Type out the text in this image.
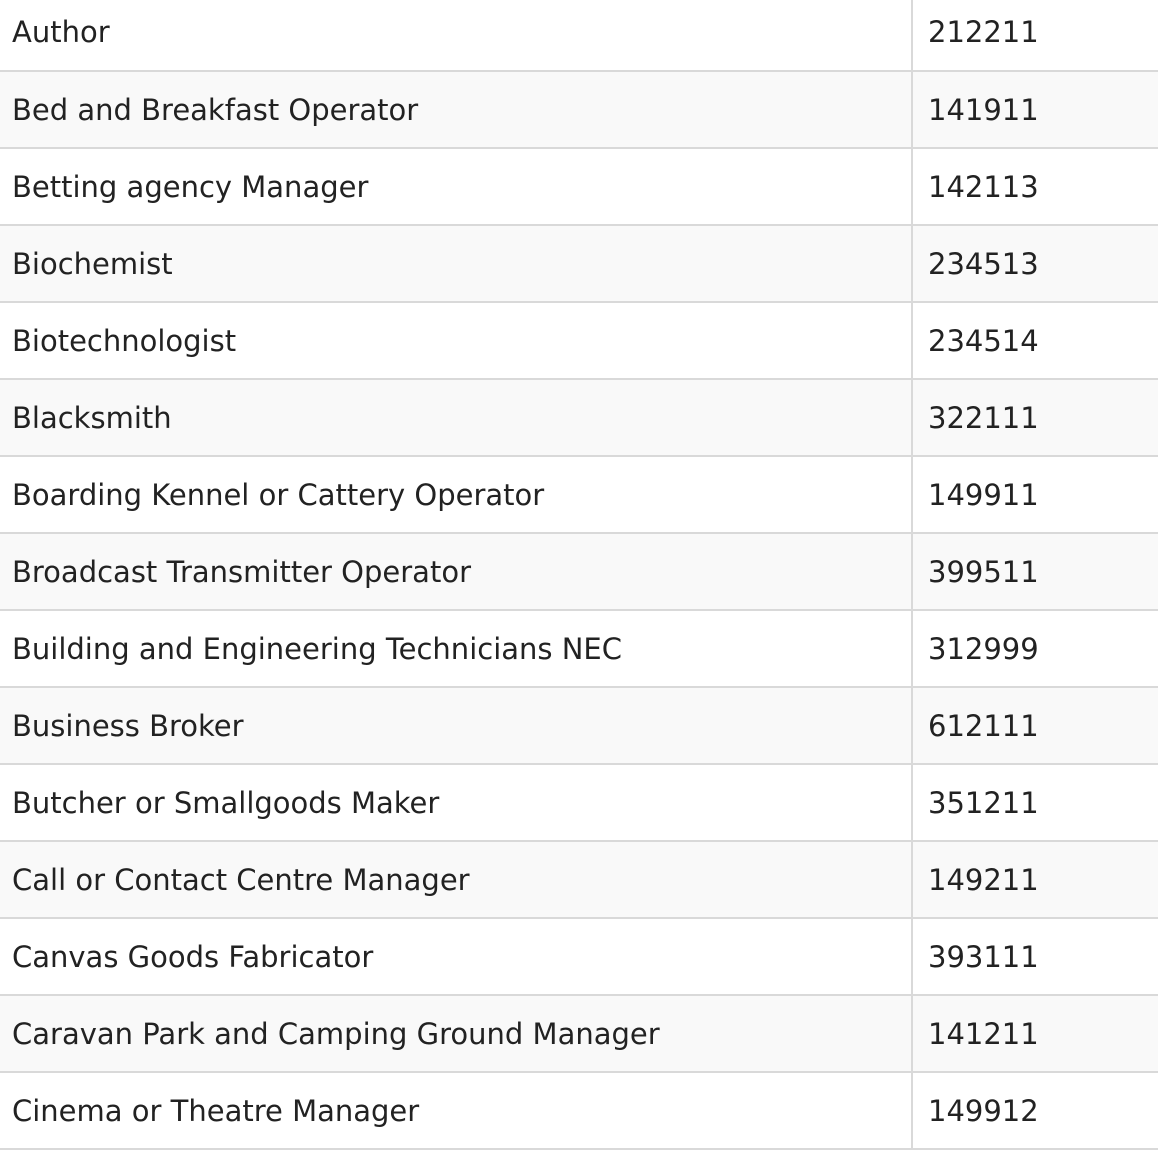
Author	212211
Bed and Breakfast Operator	141911
Betting agency Manager	142113
Biochemist	234513
Biotechnologist	234514
Blacksmith	322111
Boarding Kennel or Cattery Operator	149911
Broadcast Transmitter Operator	399511
Building and Engineering Technicians NEC	312999
Business Broker	612111
Butcher or Smallgoods Maker	351211
Call or Contact Centre Manager	149211
Canvas Goods Fabricator	393111
Caravan Park and Camping Ground Manager	141211
Cinema or Theatre Manager	149912
